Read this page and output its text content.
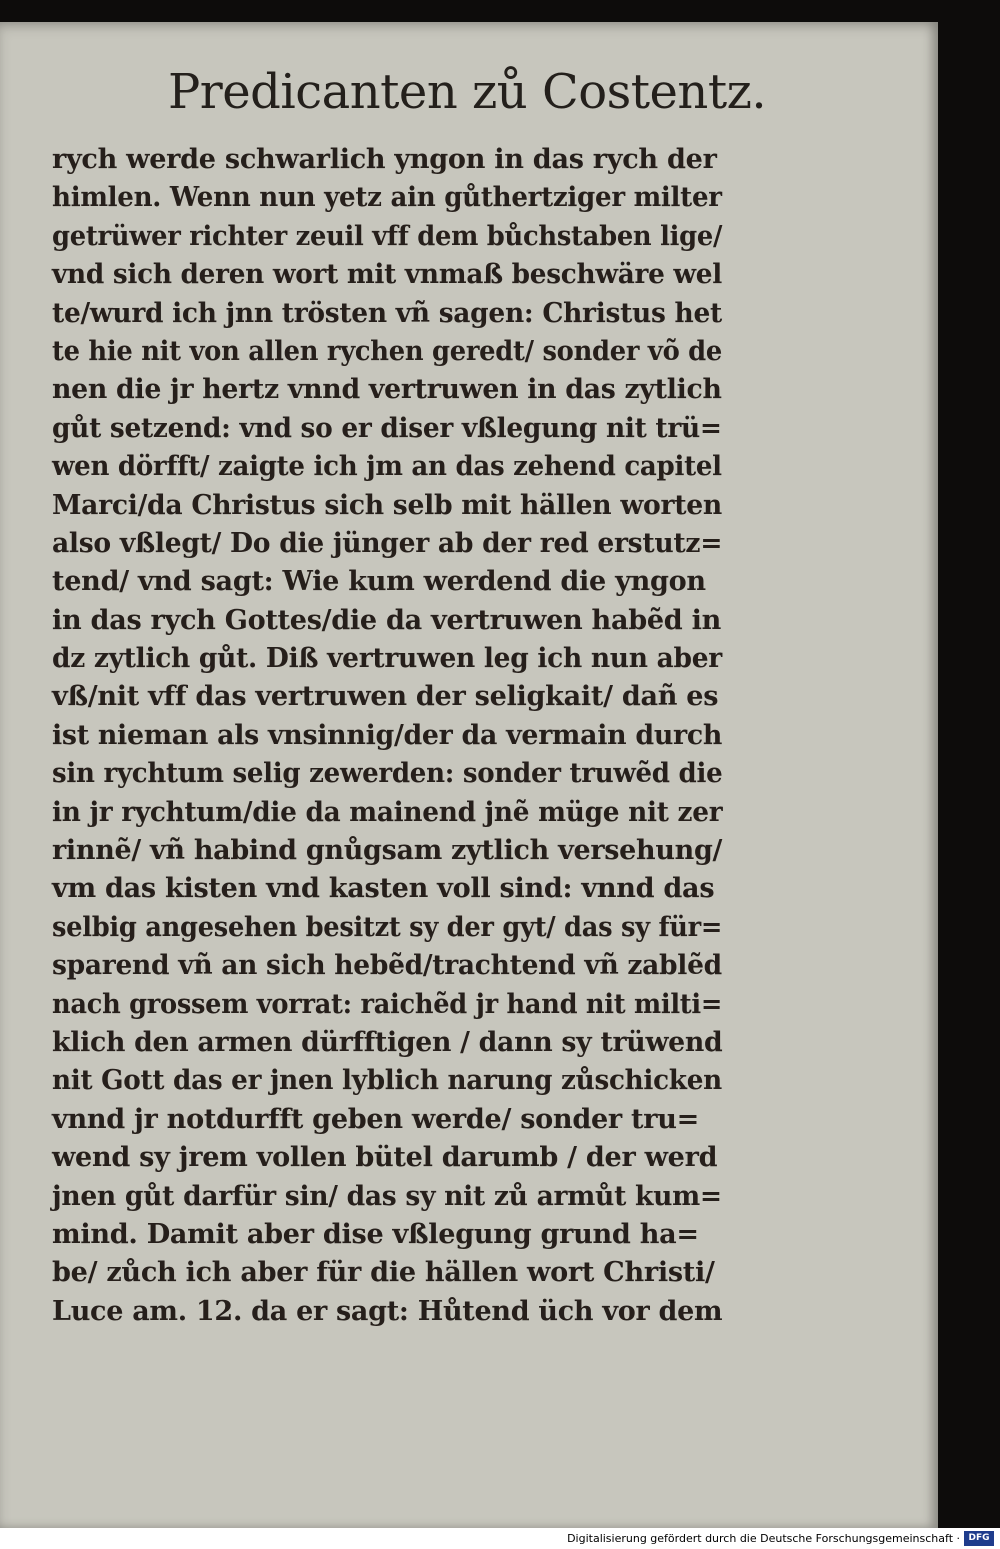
Predicanten zů Costentz.
rych werde schwarlich yngon in das rych der
himlen. Wenn nun yetz ain gůthertziger milter
getrüwer richter zeuil vff dem bůchstaben lige/
vnd sich deren wort mit vnmaß beschwäre wel
te/wurd ich jnn trösten vñ sagen: Christus het
te hie nit von allen rychen geredt/ sonder võ de
nen die jr hertz vnnd vertruwen in das zytlich
gůt setzend: vnd so er diser vßlegung nit trü=
wen dörfft/ zaigte ich jm an das zehend capitel
Marci/da Christus sich selb mit hällen worten
also vßlegt/ Do die jünger ab der red erstutz=
tend/ vnd sagt: Wie kum werdend die yngon
in das rych Gottes/die da vertruwen habẽd in
dz zytlich gůt. Diß vertruwen leg ich nun aber
vß/nit vff das vertruwen der seligkait/ dañ es
ist nieman als vnsinnig/der da vermain durch
sin rychtum selig zewerden: sonder truwẽd die
in jr rychtum/die da mainend jnẽ müge nit zer
rinnẽ/ vñ habind gnůgsam zytlich versehung/
vm das kisten vnd kasten voll sind: vnnd das
selbig angesehen besitzt sy der gyt/ das sy für=
sparend vñ an sich hebẽd/trachtend vñ zablẽd
nach grossem vorrat: raichẽd jr hand nit milti=
klich den armen dürfftigen / dann sy trüwend
nit Gott das er jnen lyblich narung zůschicken
vnnd jr notdurfft geben werde/ sonder tru=
wend sy jrem vollen bütel darumb / der werd
jnen gůt darfür sin/ das sy nit zů armůt kum=
mind. Damit aber dise vßlegung grund ha=
be/ zůch ich aber für die hällen wort Christi/
Luce am. 12. da er sagt: Hůtend üch vor dem
Digitalisierung gefördert durch die Deutsche Forschungsgemeinschaft · DFG
